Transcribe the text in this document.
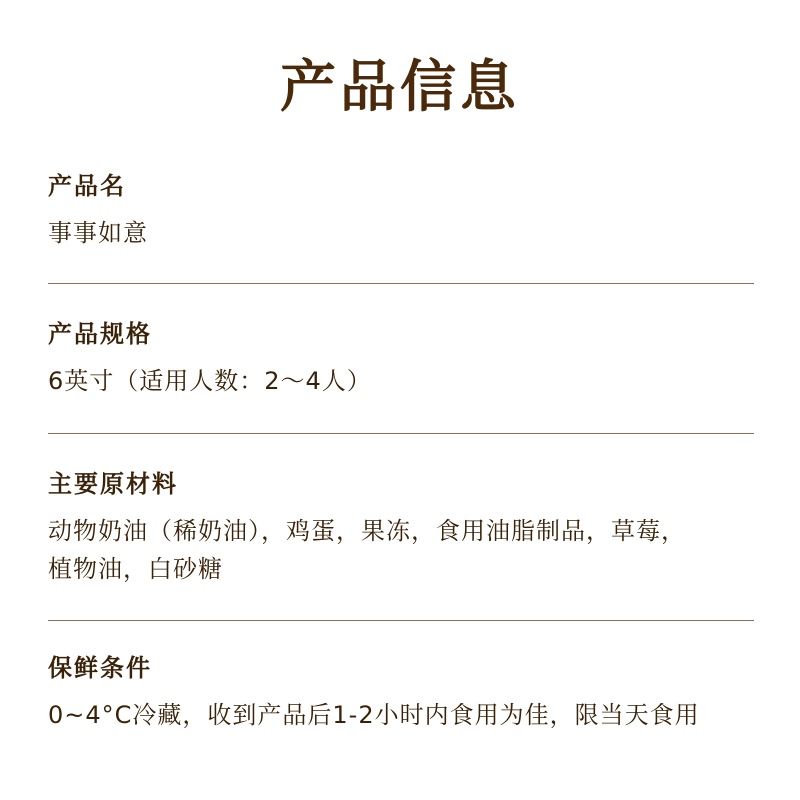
产品信息
产品名
事事如意
产品规格
6英寸（适用人数：2～4人）
主要原材料
动物奶油（稀奶油），鸡蛋，果冻，食用油脂制品，草莓，
植物油，白砂糖
保鲜条件
0~4°C冷藏，收到产品后1-2小时内食用为佳，限当天食用
